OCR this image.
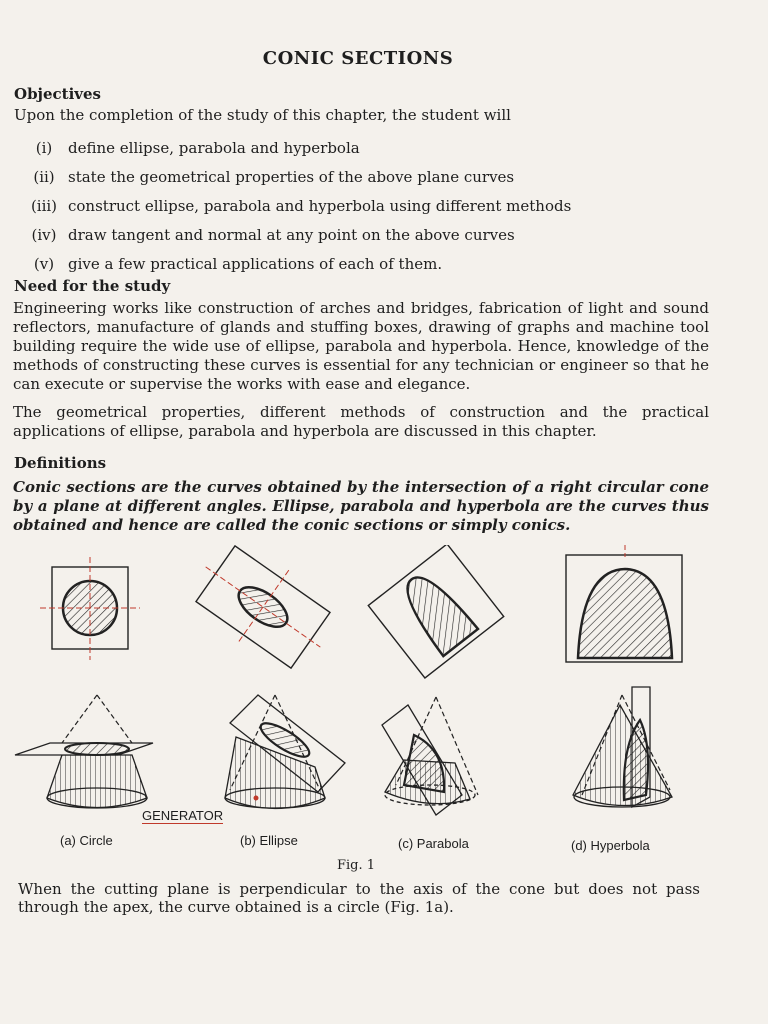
CONIC SECTIONS
Objectives
Upon the completion of the study of this chapter, the student will
(i)	define ellipse, parabola and hyperbola
(ii) state the geometrical properties of the above plane curves
(iii) construct ellipse, parabola and hyperbola using different methods
(iv) draw tangent and normal at any point on the above curves
(v) give a few practical applications of each of them.
Need for the study
Engineering works like construction of arches and bridges, fabrication of light and sound reflectors, manufacture of glands and stuffing boxes, drawing of graphs and machine tool building require the wide use of ellipse, parabola and hyperbola. Hence, knowledge of the methods of constructing these curves is essential for any technician or engineer so that he can execute or supervise the works with ease and elegance.
The geometrical properties, different methods of construction and the practical applications of ellipse, parabola and hyperbola are discussed in this chapter.
Definitions
Conic sections are the curves obtained by the intersection of a right circular cone by a plane at different angles. Ellipse, parabola and hyperbola are the curves thus obtained and hence are called the conic sections or simply conics.
GENERATOR
(a) Circle	(b) Ellipse	(c) Parabola	(d) Hyperbola
Fig. 1
When the cutting plane is perpendicular to the axis of the cone but does not pass through the apex, the curve obtained is a circle (Fig. 1a).
